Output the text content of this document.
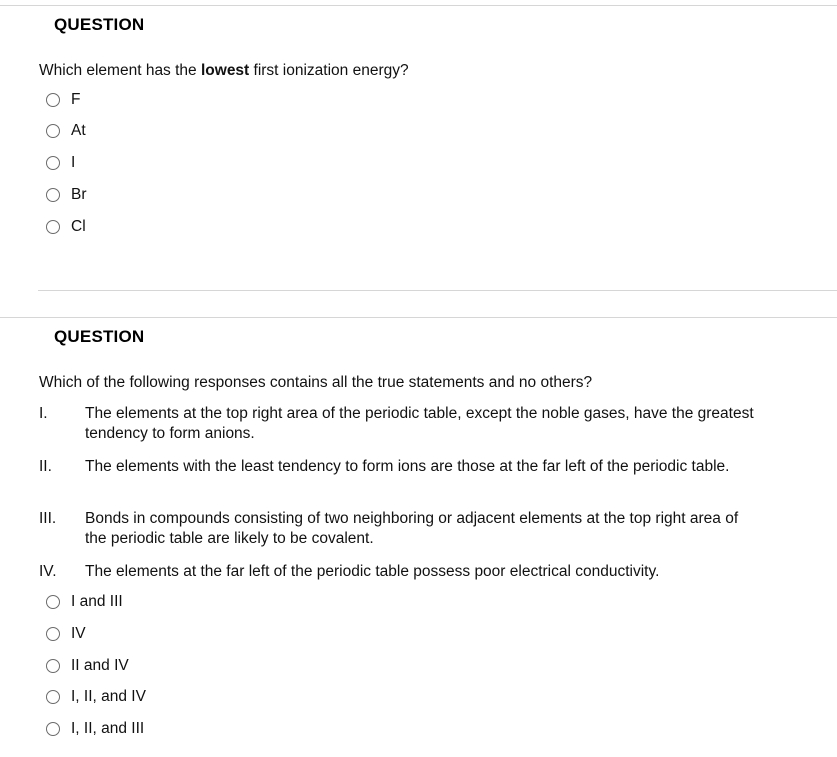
QUESTION
Which element has the lowest first ionization energy?
F
At
I
Br
Cl
QUESTION
Which of the following responses contains all the true statements and no others?
I.	The elements at the top right area of the periodic table, except the noble gases, have the greatest tendency to form anions.
II.	The elements with the least tendency to form ions are those at the far left of the periodic table.
III.	Bonds in compounds consisting of two neighboring or adjacent elements at the top right area of the periodic table are likely to be covalent.
IV.	The elements at the far left of the periodic table possess poor electrical conductivity.
I and III
IV
II and IV
I, II, and IV
I, II, and III
